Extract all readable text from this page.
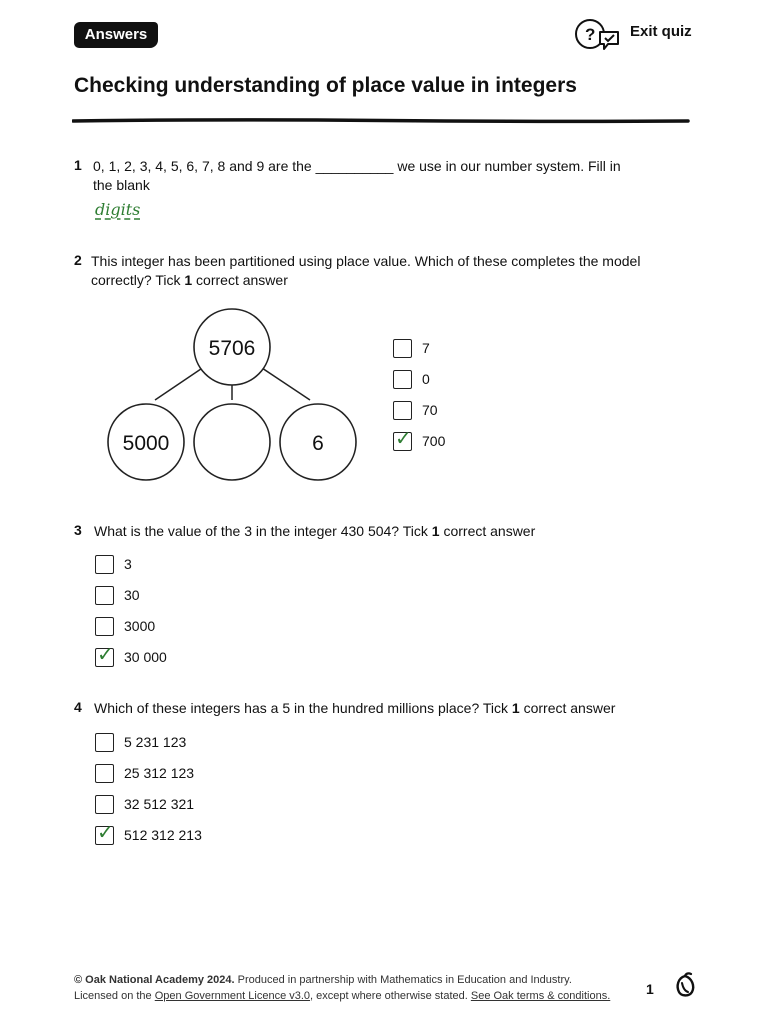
Answers	? Exit quiz
Checking understanding of place value in integers
1 0, 1, 2, 3, 4, 5, 6, 7, 8 and 9 are the __________ we use in our number system. Fill in
the blank
digits
2 This integer has been partitioned using place value. Which of these completes the model
correctly? Tick 1 correct answer
5706
5000	6
7
0
70
✓ 700
3 What is the value of the 3 in the integer 430 504? Tick 1 correct answer
3
30
3000
✓ 30 000
4 Which of these integers has a 5 in the hundred millions place? Tick 1 correct answer
5 231 123
25 312 123
32 512 321
✓ 512 312 213
© Oak National Academy 2024. Produced in partnership with Mathematics in Education and Industry.
Licensed on the Open Government Licence v3.0, except where otherwise stated. See Oak terms & conditions.	1
